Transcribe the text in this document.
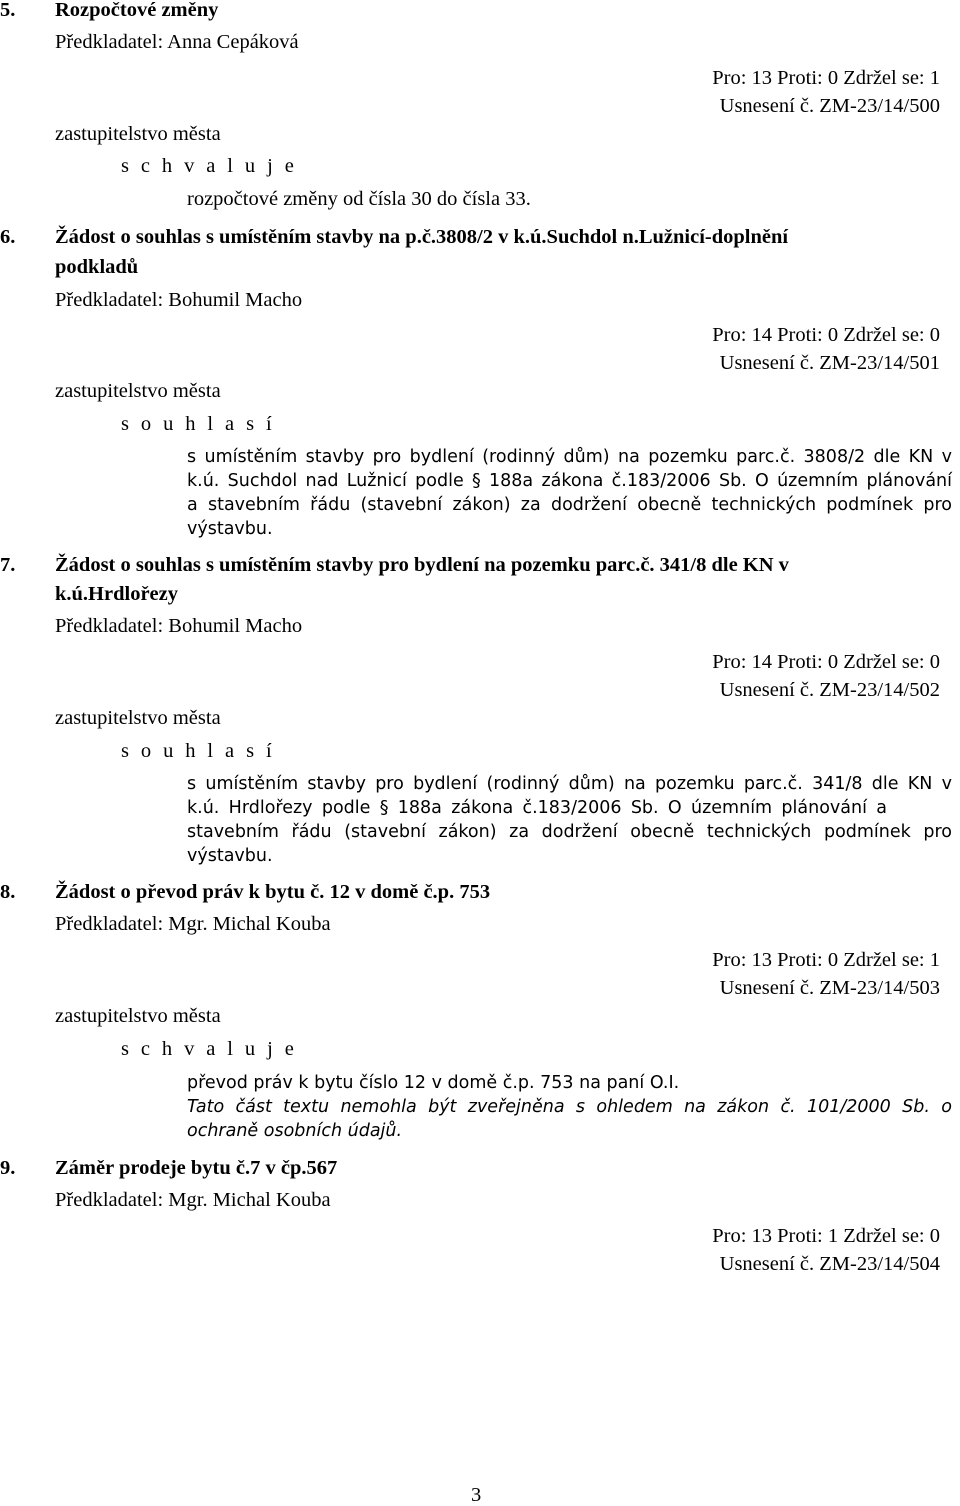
5. Rozpočtové změny
Předkladatel: Anna Cepáková
Pro: 13 Proti: 0 Zdržel se: 1
Usnesení č. ZM-23/14/500
zastupitelstvo města
s c h v a l u j e
rozpočtové změny od čísla 30 do čísla 33.
6. Žádost o souhlas s umístěním stavby na p.č.3808/2 v k.ú.Suchdol n.Lužnicí-doplnění
podkladů
Předkladatel: Bohumil Macho
Pro: 14 Proti: 0 Zdržel se: 0
Usnesení č. ZM-23/14/501
zastupitelstvo města
s o u h l a s í
s umístěním stavby pro bydlení (rodinný dům) na pozemku parc.č. 3808/2 dle KN v
k.ú. Suchdol nad Lužnicí podle § 188a zákona č.183/2006 Sb. O územním plánování
a stavebním řádu (stavební zákon) za dodržení obecně technických podmínek pro
výstavbu.
7. Žádost o souhlas s umístěním stavby pro bydlení na pozemku parc.č. 341/8 dle KN v
k.ú.Hrdlořezy
Předkladatel: Bohumil Macho
Pro: 14 Proti: 0 Zdržel se: 0
Usnesení č. ZM-23/14/502
zastupitelstvo města
s o u h l a s í
s umístěním stavby pro bydlení (rodinný dům) na pozemku parc.č. 341/8 dle KN v
k.ú. Hrdlořezy podle § 188a zákona č.183/2006 Sb. O územním plánování a
stavebním řádu (stavební zákon) za dodržení obecně technických podmínek pro
výstavbu.
8. Žádost o převod práv k bytu č. 12 v domě č.p. 753
Předkladatel: Mgr. Michal Kouba
Pro: 13 Proti: 0 Zdržel se: 1
Usnesení č. ZM-23/14/503
zastupitelstvo města
s c h v a l u j e
převod práv k bytu číslo 12 v domě č.p. 753 na paní O.I.
Tato část textu nemohla být zveřejněna s ohledem na zákon č. 101/2000 Sb. o
ochraně osobních údajů.
9. Záměr prodeje bytu č.7 v čp.567
Předkladatel: Mgr. Michal Kouba
Pro: 13 Proti: 1 Zdržel se: 0
Usnesení č. ZM-23/14/504
3
